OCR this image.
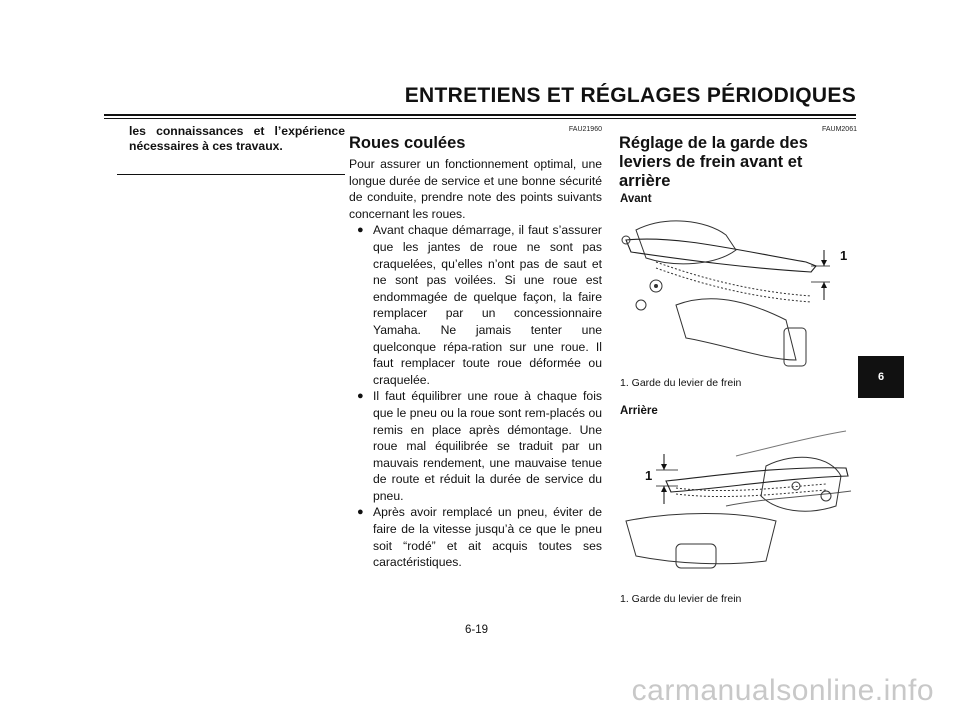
ENTRETIENS ET RÉGLAGES PÉRIODIQUES
les connaissances et l’expérience nécessaires à ces travaux.
FAU21960
Roues coulées

Pour assurer un fonctionnement optimal, une longue durée de service et une bonne sécurité de conduite, prendre note des points suivants concernant les roues.

● Avant chaque démarrage, il faut s’assurer que les jantes de roue ne sont pas craquelées, qu’elles n’ont pas de saut et ne sont pas voilées. Si une roue est endommagée de quelque façon, la faire remplacer par un concessionnaire Yamaha. Ne jamais tenter une quelconque répa-ration sur une roue. Il faut remplacer toute roue déformée ou craquelée.
● Il faut équilibrer une roue à chaque fois que le pneu ou la roue sont rem-placés ou remis en place après démontage. Une roue mal équilibrée se traduit par un mauvais rendement, une mauvaise tenue de route et réduit la durée de service du pneu.
● Après avoir remplacé un pneu, éviter de faire de la vitesse jusqu’à ce que le pneu soit “rodé” et ait acquis toutes ses caractéristiques.
FAUM2061
Réglage de la garde des leviers de frein avant et arrière
Avant
1
1. Garde du levier de frein
Arrière
1
1. Garde du levier de frein
6-19
6
carmanualsonline.info
